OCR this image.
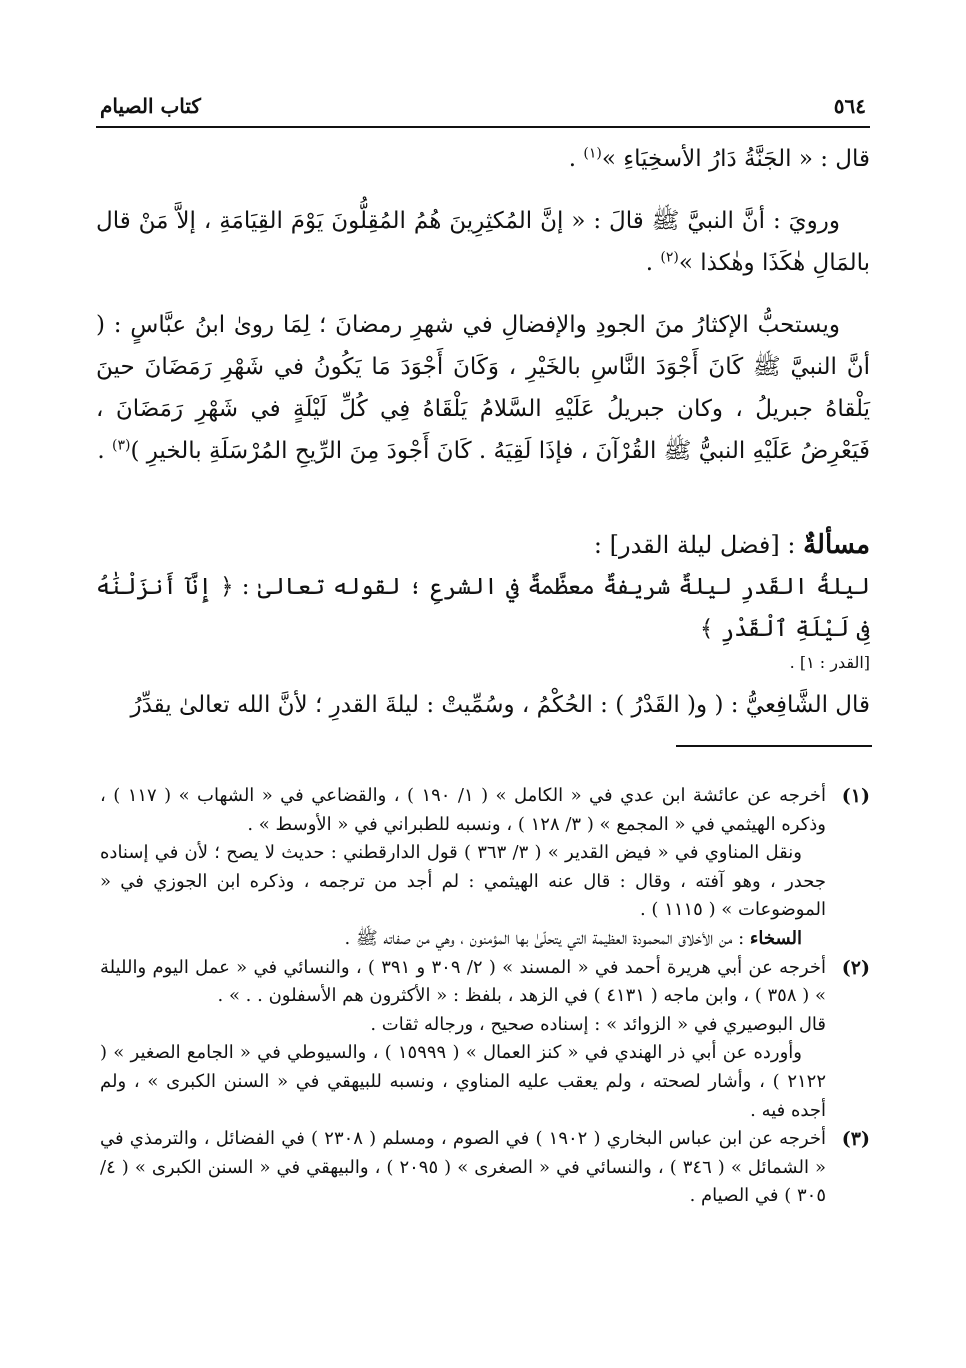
٥٦٤
كتاب الصيام

قال : « الجَنَّةُ دَارُ الأسخِيَاءِ »$^{(١)}$ .

ورويَ : أنَّ النبيَّ ﷺ قالَ : « إنَّ المُكثِرِينَ هُمُ المُقِلُّونَ يَوْمَ القِيَامَةِ ، إلاَّ مَنْ قال بالمَالِ هٰكَذَا وهٰكذا »$^{(٢)}$ .

ويستحبُّ الإكثارُ منَ الجودِ والإفضالِ في شهرِ رمضانَ ؛ لِمَا روىٰ ابنُ عبَّاسٍ : ( أنَّ النبيَّ ﷺ كَانَ أَجْوَدَ النَّاسِ بالخَيْرِ ، وَكَانَ أَجْوَدَ مَا يَكُونُ في شَهْرِ رَمَضَانَ حينَ يَلْقاهُ جبريلُ ، وكان جبريلُ عَلَيْهِ السَّلامُ يَلْقَاهُ فِي كُلِّ لَيْلَةٍ في شَهْرِ رَمَضَانَ ، فَيَعْرِضُ عَلَيْهِ النبيُّ ﷺ القُرْآنَ ، فإذَا لَقِيَهُ . كَانَ أَجْودَ مِنَ الرِّيحِ المُرْسَلَةِ بالخيرِ )$^{(٣)}$ .

مسألةٌ : [فضل ليلة القدر] :

ليلةُ القَدرِ ليلةٌ شريفةٌ معظَّمةٌ في الشرعِ ؛ لقوله تعالىٰ : ﴿ إِنَّآ أَنزَلْنَٰهُ فِى لَيْلَةِ ٱلْقَدْرِ ﴾

[القدر : ١] .

قال الشَّافِعيُّ : ( و( القَدْرُ ) : الحُكْمُ ، وسُمِّيتْ : ليلةَ القدرِ ؛ لأنَّ الله تعالىٰ يقدِّرُ

(١)

أخرجه عن عائشة ابن عدي في « الكامل » ( ١/ ١٩٠ ) ، والقضاعي في « الشهاب » ( ١١٧ ) ، وذكره الهيثمي في « المجمع » ( ٣/ ١٢٨ ) ، ونسبه للطبراني في « الأوسط » .

ونقل المناوي في « فيض القدير » ( ٣/ ٣٦٣ ) قول الدارقطني : حديث لا يصح ؛ لأن في إسناده جحدر ، وهو آفته ، وقال : قال عنه الهيثمي : لم أجد من ترجمه ، وذكره ابن الجوزي في « الموضوعات » ( ١١١٥ ) .

السخاء : من الأخلاق المحمودة العظيمة التي يتحلّىٰ بها المؤمنون ، وهي من صفاته ﷺ .

(٢)

أخرجه عن أبي هريرة أحمد في « المسند » ( ٢/ ٣٠٩ و ٣٩١ ) ، والنسائي في « عمل اليوم والليلة » ( ٣٥٨ ) ، وابن ماجه ( ٤١٣١ ) في الزهد ، بلفظ : « الأكثرون هم الأسفلون . . » .

قال البوصيري في « الزوائد » : إسناده صحيح ، ورجاله ثقات .

وأورده عن أبي ذر الهندي في « كنز العمال » ( ١٥٩٩٩ ) ، والسيوطي في « الجامع الصغير » ( ٢١٢٢ ) ، وأشار لصحته ، ولم يعقب عليه المناوي ، ونسبه للبيهقي في « السنن الكبرى » ، ولم أجده فيه .

(٣)

أخرجه عن ابن عباس البخاري ( ١٩٠٢ ) في الصوم ، ومسلم ( ٢٣٠٨ ) في الفضائل ، والترمذي في « الشمائل » ( ٣٤٦ ) ، والنسائي في « الصغرى » ( ٢٠٩٥ ) ، والبيهقي في « السنن الكبرى » ( ٤/ ٣٠٥ ) في الصيام .
